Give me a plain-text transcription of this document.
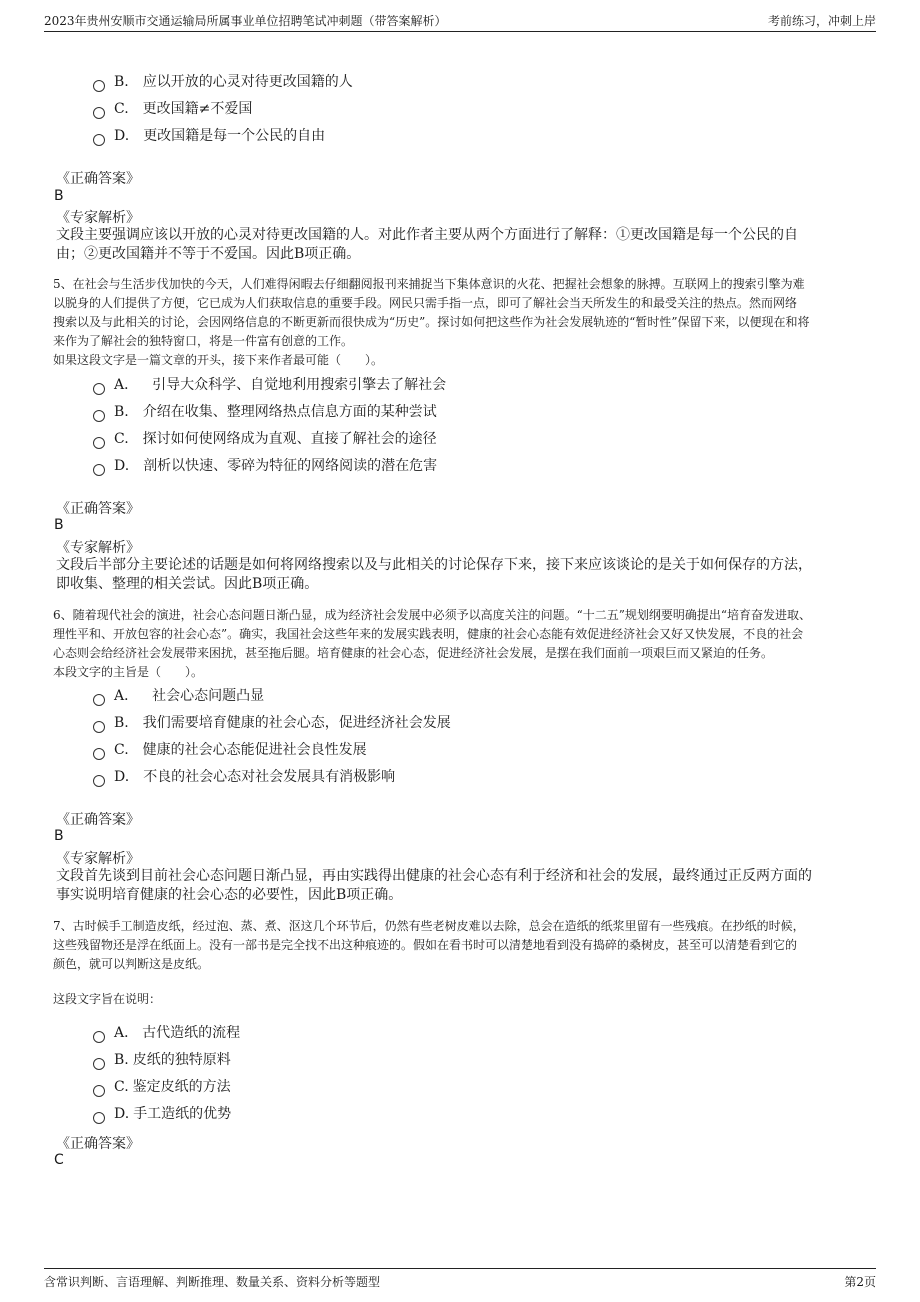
2023年贵州安顺市交通运输局所属事业单位招聘笔试冲刺题（带答案解析）	考前练习，冲刺上岸
B. 应以开放的心灵对待更改国籍的人
C. 更改国籍≠不爱国
D. 更改国籍是每一个公民的自由
《正确答案》
B
《专家解析》
文段主要强调应该以开放的心灵对待更改国籍的人。对此作者主要从两个方面进行了解释：①更改国籍是每一个公民的自
由；②更改国籍并不等于不爱国。因此B项正确。

5、在社会与生活步伐加快的今天，人们难得闲暇去仔细翻阅报刊来捕捉当下集体意识的火花、把握社会想象的脉搏。互联网上的搜索引擎为难

以脱身的人们提供了方便，它已成为人们获取信息的重要手段。网民只需手指一点，即可了解社会当天所发生的和最受关注的热点。然而网络

搜索以及与此相关的讨论，会因网络信息的不断更新而很快成为“历史”。探讨如何把这些作为社会发展轨迹的“暂时性”保留下来，以便现在和将

来作为了解社会的独特窗口，将是一件富有创意的工作。

如果这段文字是一篇文章的开头，接下来作者最可能（　　）。

A． 引导大众科学、自觉地利用搜索引擎去了解社会
B. 介绍在收集、整理网络热点信息方面的某种尝试
C. 探讨如何使网络成为直观、直接了解社会的途径
D. 剖析以快速、零碎为特征的网络阅读的潜在危害
《正确答案》
B
《专家解析》
文段后半部分主要论述的话题是如何将网络搜索以及与此相关的讨论保存下来，接下来应该谈论的是关于如何保存的方法，
即收集、整理的相关尝试。因此B项正确。

6、随着现代社会的演进，社会心态问题日渐凸显，成为经济社会发展中必须予以高度关注的问题。“十二五”规划纲要明确提出“培育奋发进取、

理性平和、开放包容的社会心态”。确实，我国社会这些年来的发展实践表明，健康的社会心态能有效促进经济社会又好又快发展，不良的社会

心态则会给经济社会发展带来困扰，甚至拖后腿。培育健康的社会心态，促进经济社会发展，是摆在我们面前一项艰巨而又紧迫的任务。

本段文字的主旨是（　　）。

A． 社会心态问题凸显
B. 我们需要培育健康的社会心态，促进经济社会发展
C. 健康的社会心态能促进社会良性发展
D. 不良的社会心态对社会发展具有消极影响
《正确答案》
B
《专家解析》
文段首先谈到目前社会心态问题日渐凸显，再由实践得出健康的社会心态有利于经济和社会的发展，最终通过正反两方面的
事实说明培育健康的社会心态的必要性，因此B项正确。

7、古时候手工制造皮纸，经过泡、蒸、煮、沤这几个环节后，仍然有些老树皮难以去除，总会在造纸的纸浆里留有一些残痕。在抄纸的时候，

这些残留物还是浮在纸面上。没有一部书是完全找不出这种痕迹的。假如在看书时可以清楚地看到没有捣碎的桑树皮，甚至可以清楚看到它的

颜色，就可以判断这是皮纸。

这段文字旨在说明：
A． 古代造纸的流程
B. 皮纸的独特原料
C. 鉴定皮纸的方法
D. 手工造纸的优势
《正确答案》
C
含常识判断、言语理解、判断推理、数量关系、资料分析等题型	第2页
